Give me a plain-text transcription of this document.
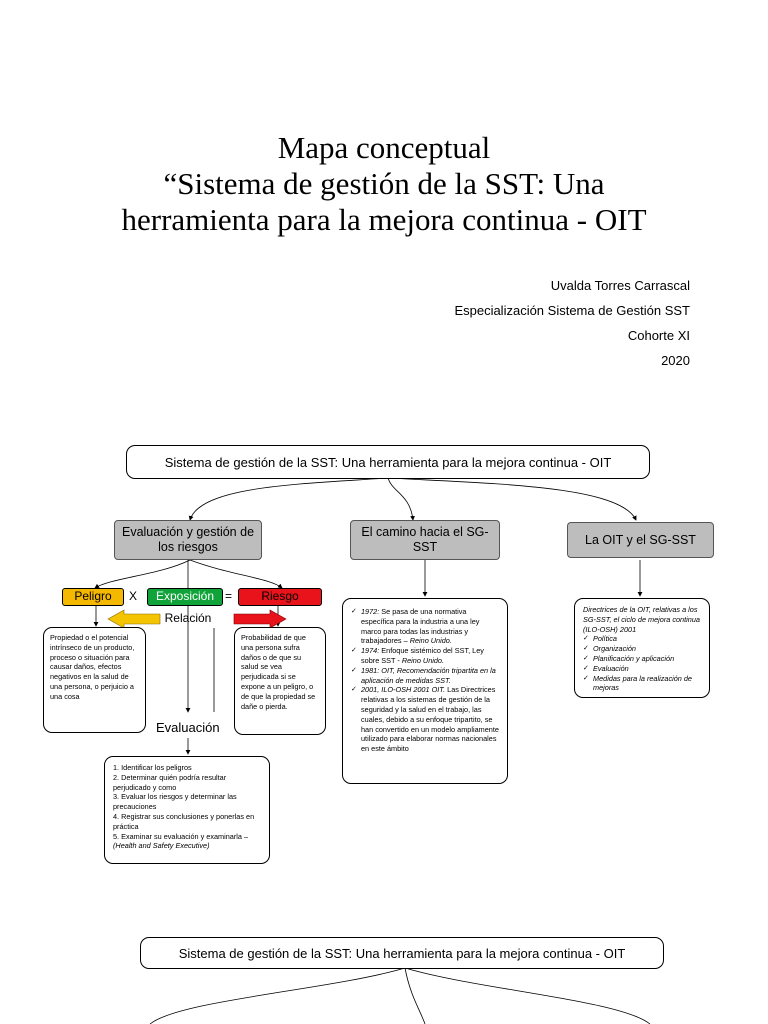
Mapa conceptual
“Sistema de gestión de la SST: Una
herramienta para la mejora continua - OIT
Uvalda Torres Carrascal
Especialización Sistema de Gestión SST
Cohorte XI
2020
Sistema de gestión de la SST: Una herramienta para la mejora continua - OIT
Evaluación y gestión de los riesgos
El camino hacia el SG-SST
La OIT y el SG-SST
Peligro	X	Exposición =	Riesgo
Relación
Propiedad o el potencial intrínseco de un producto, proceso o situación para causar daños, efectos negativos en la salud de una persona, o perjuicio a una cosa
Probabilidad de que una persona sufra daños o de que su salud se vea perjudicada si se expone a un peligro, o de que la propiedad se dañe o pierda.
Evaluación
1. Identificar los peligros
2. Determinar quién podría resultar perjudicado y como
3. Evaluar los riesgos y determinar las precauciones
4. Registrar sus conclusiones y ponerlas en práctica
5. Examinar su evaluación y examinarla – (Health and Safety Executive)
✓ 1972: Se pasa de una normativa específica para la industria a una ley marco para todas las industrias y trabajadores – Reino Unido.
✓ 1974: Enfoque sistémico del SST, Ley sobre SST - Reino Unido.
✓ 1981: OIT, Recomendación tripartita en la aplicación de medidas SST.
✓ 2001, ILO-OSH 2001 OIT. Las Directrices relativas a los sistemas de gestión de la seguridad y la salud en el trabajo, las cuales, debido a su enfoque tripartito, se han convertido en un modelo ampliamente utilizado para elaborar normas nacionales en este ámbito
Directrices de la OIT, relativas a los SG-SST, el ciclo de mejora continua (ILO-OSH) 2001
✓ Política
✓ Organización
✓ Planificación y aplicación
✓ Evaluación
✓ Medidas para la realización de mejoras
Sistema de gestión de la SST: Una herramienta para la mejora continua - OIT
